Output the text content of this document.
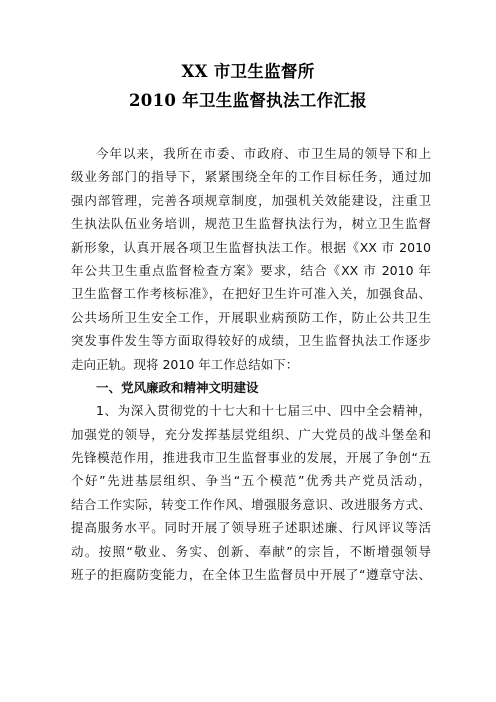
XX 市卫生监督所
2010 年卫生监督执法工作汇报
今年以来，我所在市委、市政府、市卫生局的领导下和上
级业务部门的指导下，紧紧围绕全年的工作目标任务，通过加
强内部管理，完善各项规章制度，加强机关效能建设，注重卫
生执法队伍业务培训，规范卫生监督执法行为，树立卫生监督
新形象，认真开展各项卫生监督执法工作。根据《XX 市 2010
年公共卫生重点监督检查方案》要求，结合《XX 市 2010 年
卫生监督工作考核标准》，在把好卫生许可准入关，加强食品、
公共场所卫生安全工作，开展职业病预防工作，防止公共卫生
突发事件发生等方面取得较好的成绩，卫生监督执法工作逐步
走向正轨。现将 2010 年工作总结如下：
一、党风廉政和精神文明建设
1、为深入贯彻党的十七大和十七届三中、四中全会精神，
加强党的领导，充分发挥基层党组织、广大党员的战斗堡垒和
先锋模范作用，推进我市卫生监督事业的发展，开展了争创“五
个好”先进基层组织、争当“五个模范”优秀共产党员活动，
结合工作实际，转变工作作风、增强服务意识、改进服务方式、
提高服务水平。同时开展了领导班子述职述廉、行风评议等活
动。按照“敬业、务实、创新、奉献”的宗旨，不断增强领导
班子的拒腐防变能力，在全体卫生监督员中开展了“遵章守法、
